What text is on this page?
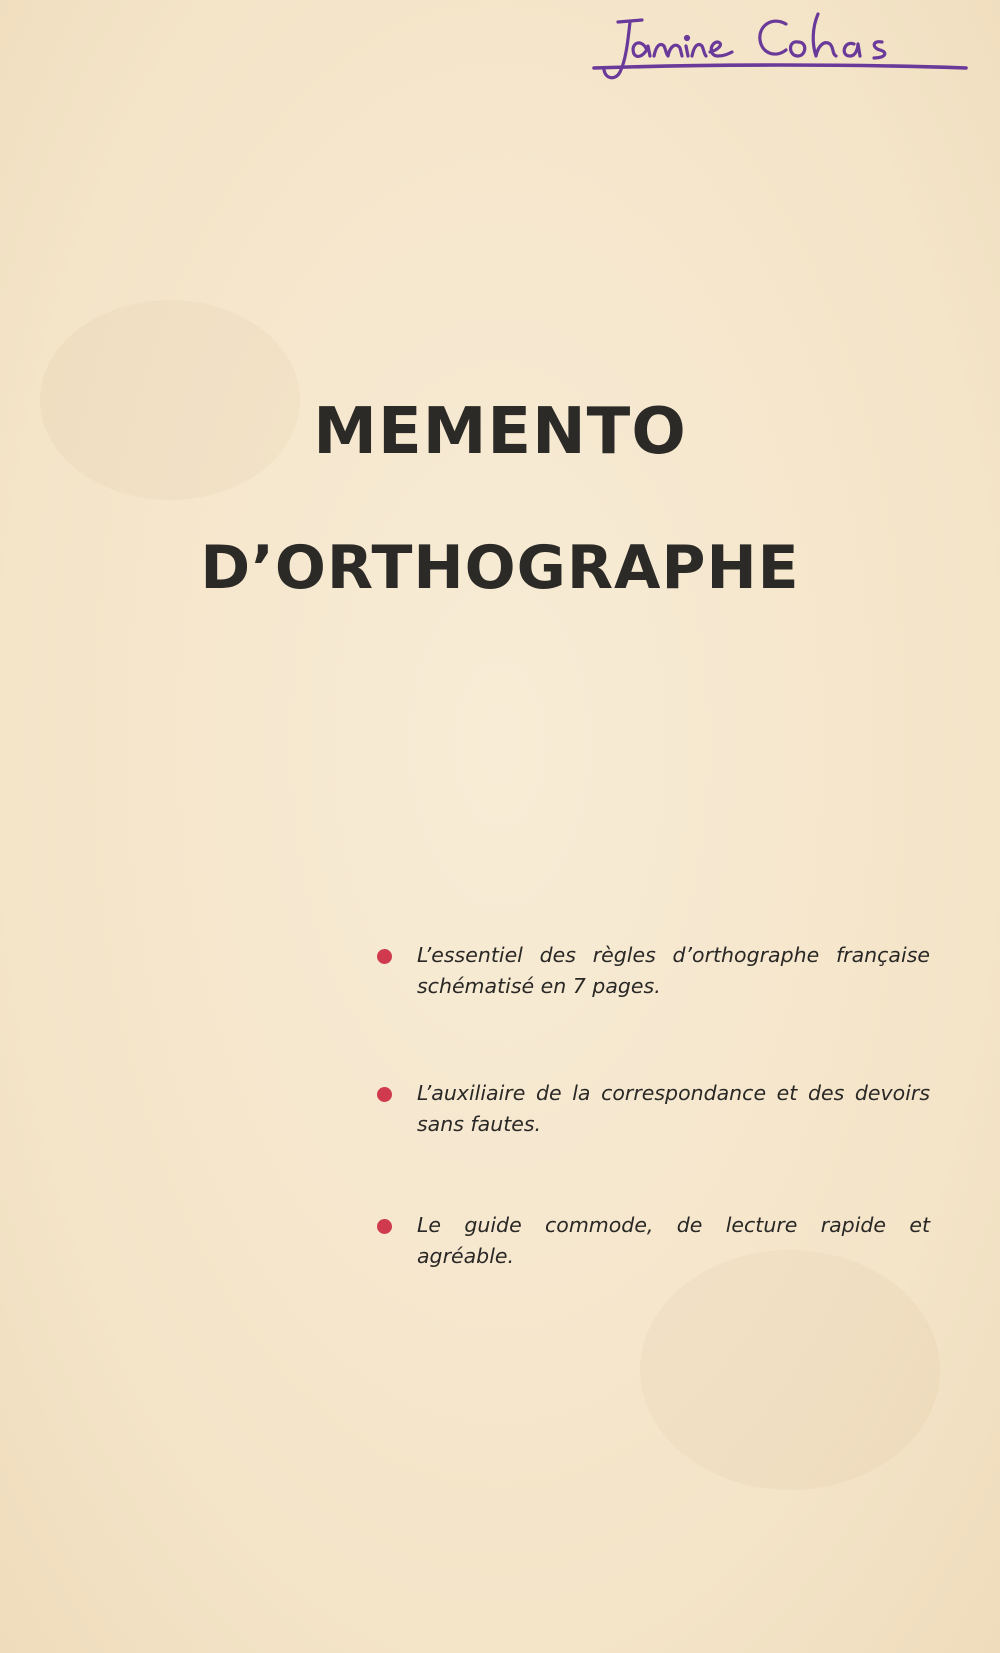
MEMENTO
D’ORTHOGRAPHE
L’essentiel des règles d’orthographe française schématisé en 7 pages.
L’auxiliaire de la correspondance et des devoirs sans fautes.
Le guide commode, de lecture rapide et agréable.
